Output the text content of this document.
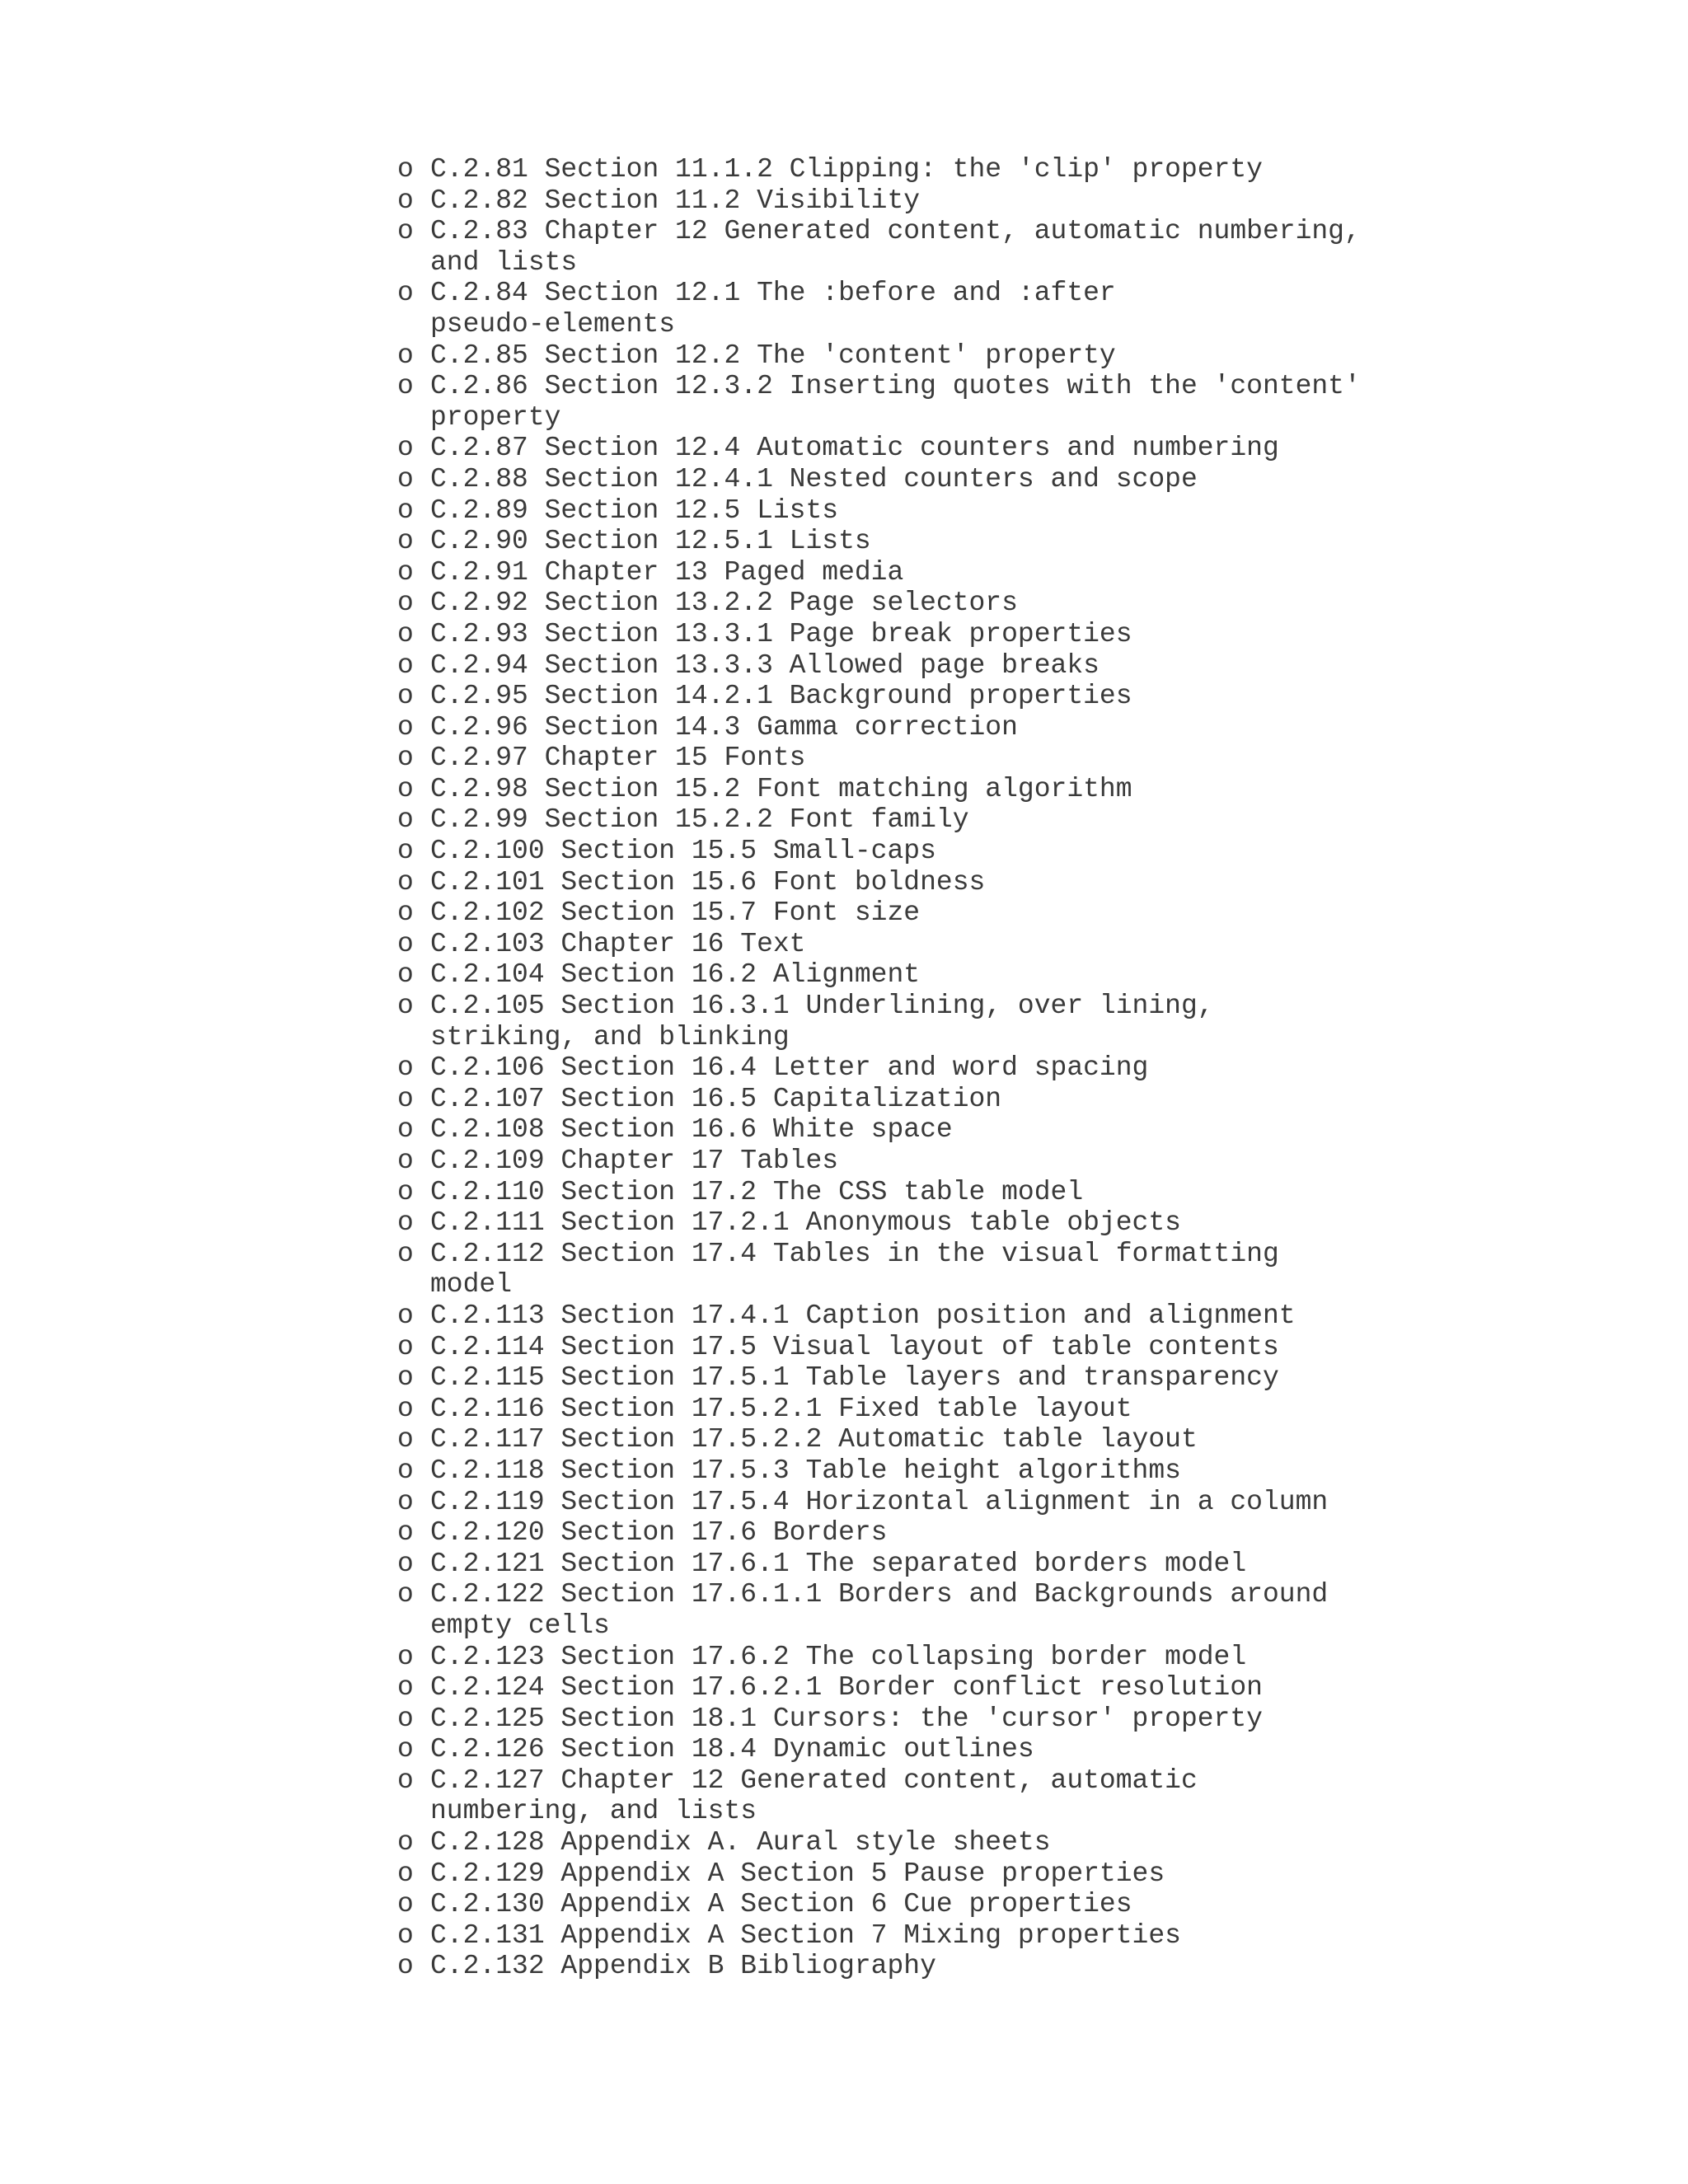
o C.2.81 Section 11.1.2 Clipping: the 'clip' property
o C.2.82 Section 11.2 Visibility
o C.2.83 Chapter 12 Generated content, automatic numbering,
and lists
o C.2.84 Section 12.1 The :before and :after
pseudo-elements
o C.2.85 Section 12.2 The 'content' property
o C.2.86 Section 12.3.2 Inserting quotes with the 'content'
property
o C.2.87 Section 12.4 Automatic counters and numbering
o C.2.88 Section 12.4.1 Nested counters and scope
o C.2.89 Section 12.5 Lists
o C.2.90 Section 12.5.1 Lists
o C.2.91 Chapter 13 Paged media
o C.2.92 Section 13.2.2 Page selectors
o C.2.93 Section 13.3.1 Page break properties
o C.2.94 Section 13.3.3 Allowed page breaks
o C.2.95 Section 14.2.1 Background properties
o C.2.96 Section 14.3 Gamma correction
o C.2.97 Chapter 15 Fonts
o C.2.98 Section 15.2 Font matching algorithm
o C.2.99 Section 15.2.2 Font family
o C.2.100 Section 15.5 Small-caps
o C.2.101 Section 15.6 Font boldness
o C.2.102 Section 15.7 Font size
o C.2.103 Chapter 16 Text
o C.2.104 Section 16.2 Alignment
o C.2.105 Section 16.3.1 Underlining, over lining,
striking, and blinking
o C.2.106 Section 16.4 Letter and word spacing
o C.2.107 Section 16.5 Capitalization
o C.2.108 Section 16.6 White space
o C.2.109 Chapter 17 Tables
o C.2.110 Section 17.2 The CSS table model
o C.2.111 Section 17.2.1 Anonymous table objects
o C.2.112 Section 17.4 Tables in the visual formatting
model
o C.2.113 Section 17.4.1 Caption position and alignment
o C.2.114 Section 17.5 Visual layout of table contents
o C.2.115 Section 17.5.1 Table layers and transparency
o C.2.116 Section 17.5.2.1 Fixed table layout
o C.2.117 Section 17.5.2.2 Automatic table layout
o C.2.118 Section 17.5.3 Table height algorithms
o C.2.119 Section 17.5.4 Horizontal alignment in a column
o C.2.120 Section 17.6 Borders
o C.2.121 Section 17.6.1 The separated borders model
o C.2.122 Section 17.6.1.1 Borders and Backgrounds around
empty cells
o C.2.123 Section 17.6.2 The collapsing border model
o C.2.124 Section 17.6.2.1 Border conflict resolution
o C.2.125 Section 18.1 Cursors: the 'cursor' property
o C.2.126 Section 18.4 Dynamic outlines
o C.2.127 Chapter 12 Generated content, automatic
numbering, and lists
o C.2.128 Appendix A. Aural style sheets
o C.2.129 Appendix A Section 5 Pause properties
o C.2.130 Appendix A Section 6 Cue properties
o C.2.131 Appendix A Section 7 Mixing properties
o C.2.132 Appendix B Bibliography
